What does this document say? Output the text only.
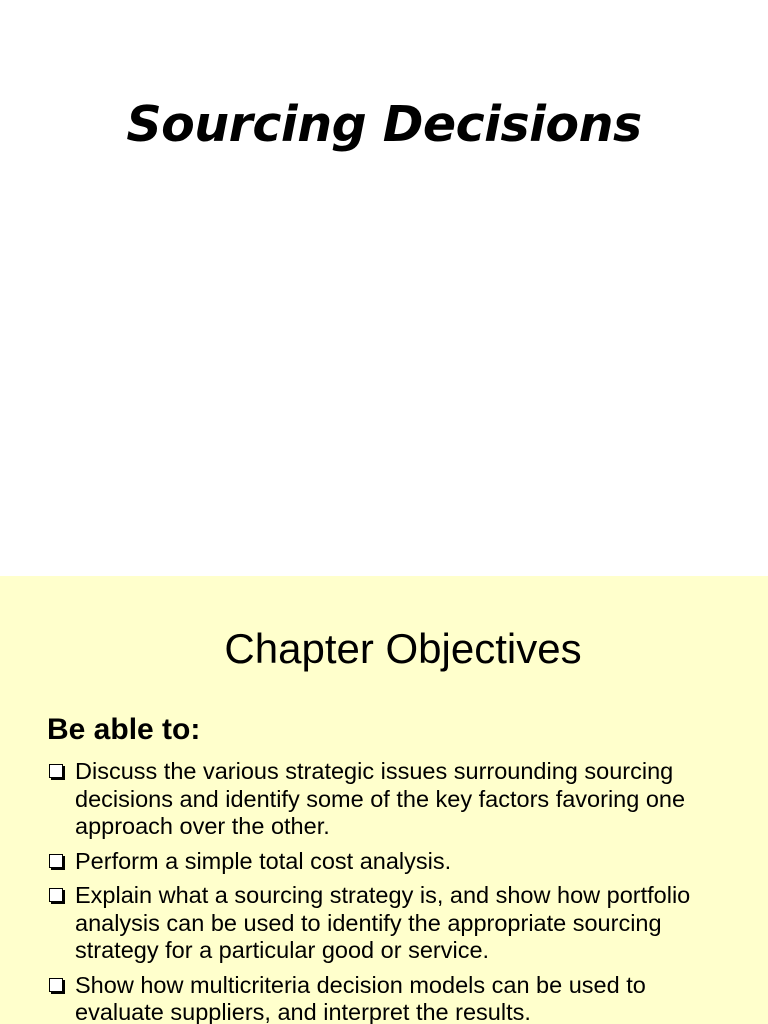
Sourcing Decisions
Chapter Objectives
Be able to:
Discuss the various strategic issues surrounding sourcing decisions and identify some of the key factors favoring one approach over the other.
Perform a simple total cost analysis.
Explain what a sourcing strategy is, and show how portfolio analysis can be used to identify the appropriate sourcing strategy for a particular good or service.
Show how multicriteria decision models can be used to evaluate suppliers, and interpret the results.
